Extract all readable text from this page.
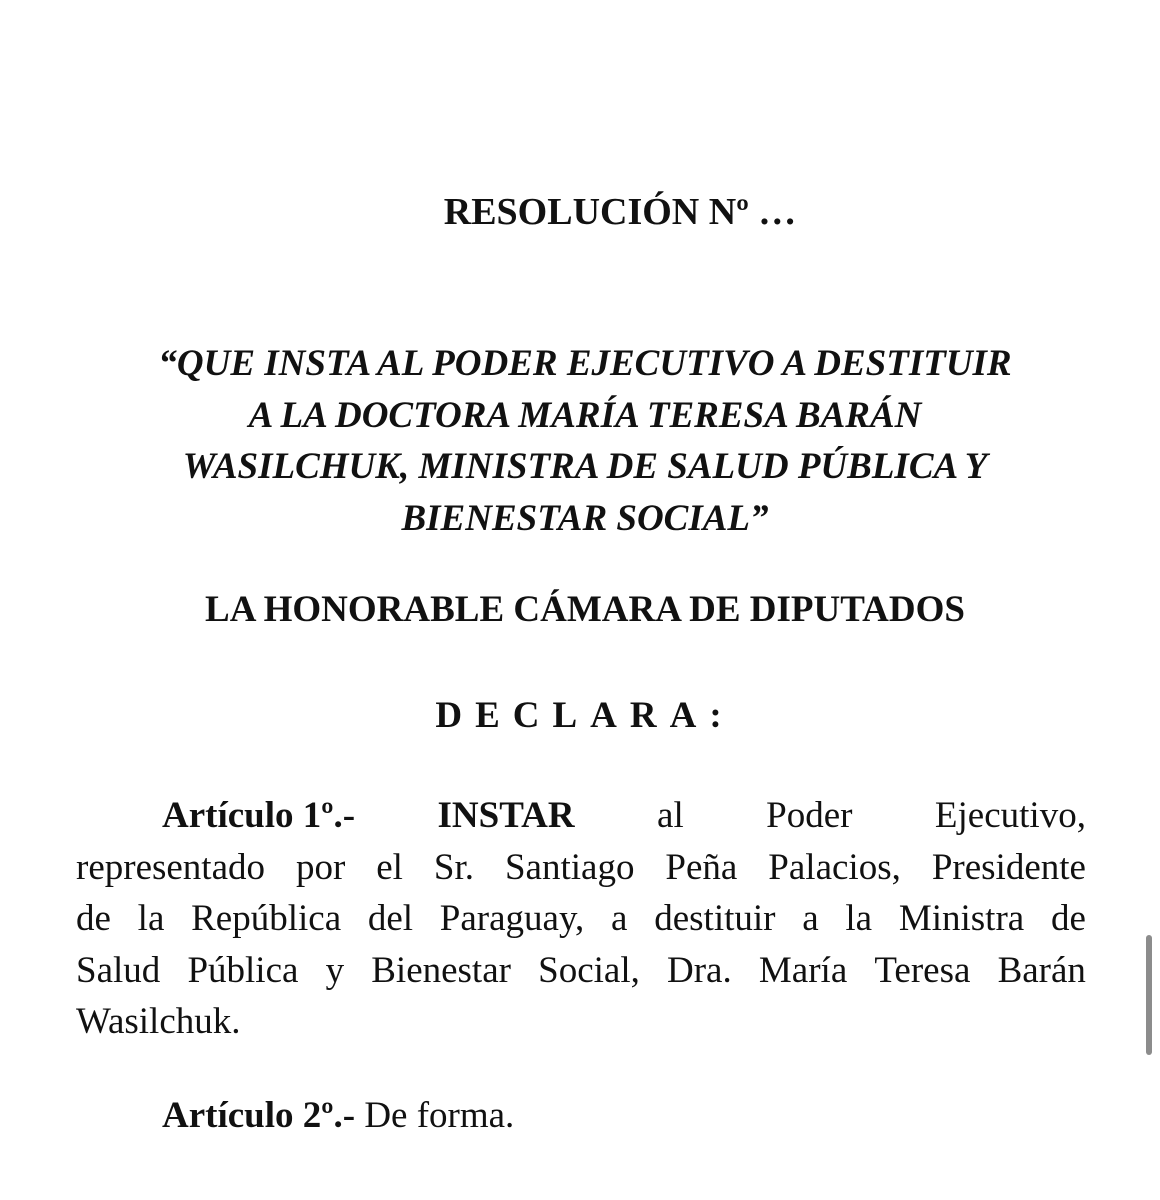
RESOLUCIÓN Nº …
“QUE INSTA AL PODER EJECUTIVO A DESTITUIR
A LA DOCTORA MARÍA TERESA BARÁN
WASILCHUK, MINISTRA DE SALUD PÚBLICA Y
BIENESTAR SOCIAL”
LA HONORABLE CÁMARA DE DIPUTADOS
DECLARA:
Artículo 1º.- INSTAR al Poder Ejecutivo,
representado por el Sr. Santiago Peña Palacios, Presidente
de la República del Paraguay, a destituir a la Ministra de
Salud Pública y Bienestar Social, Dra. María Teresa Barán
Wasilchuk.
Artículo 2º.- De forma.
